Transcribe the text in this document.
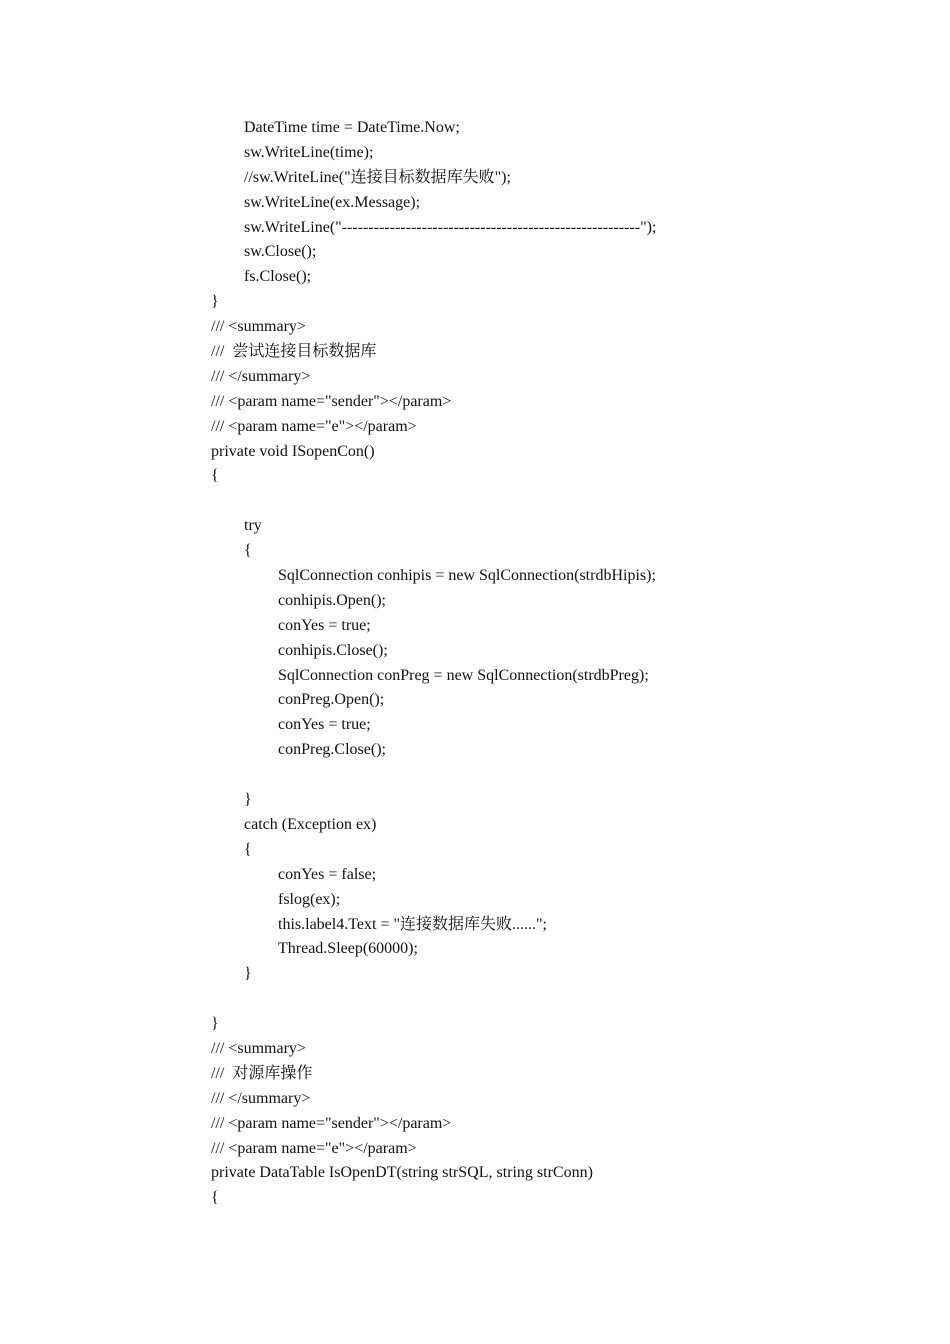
DateTime time = DateTime.Now;
sw.WriteLine(time);
//sw.WriteLine("连接目标数据库失败");
sw.WriteLine(ex.Message);
sw.WriteLine("--------------------------------------------------------");
sw.Close();
fs.Close();
}
/// <summary>
///  尝试连接目标数据库
/// </summary>
/// <param name="sender"></param>
/// <param name="e"></param>
private void ISopenCon()
{
try
{
SqlConnection conhipis = new SqlConnection(strdbHipis);
conhipis.Open();
conYes = true;
conhipis.Close();
SqlConnection conPreg = new SqlConnection(strdbPreg);
conPreg.Open();
conYes = true;
conPreg.Close();
}
catch (Exception ex)
{
conYes = false;
fslog(ex);
this.label4.Text = "连接数据库失败......";
Thread.Sleep(60000);
}
}
/// <summary>
///  对源库操作
/// </summary>
/// <param name="sender"></param>
/// <param name="e"></param>
private DataTable IsOpenDT(string strSQL, string strConn)
{
